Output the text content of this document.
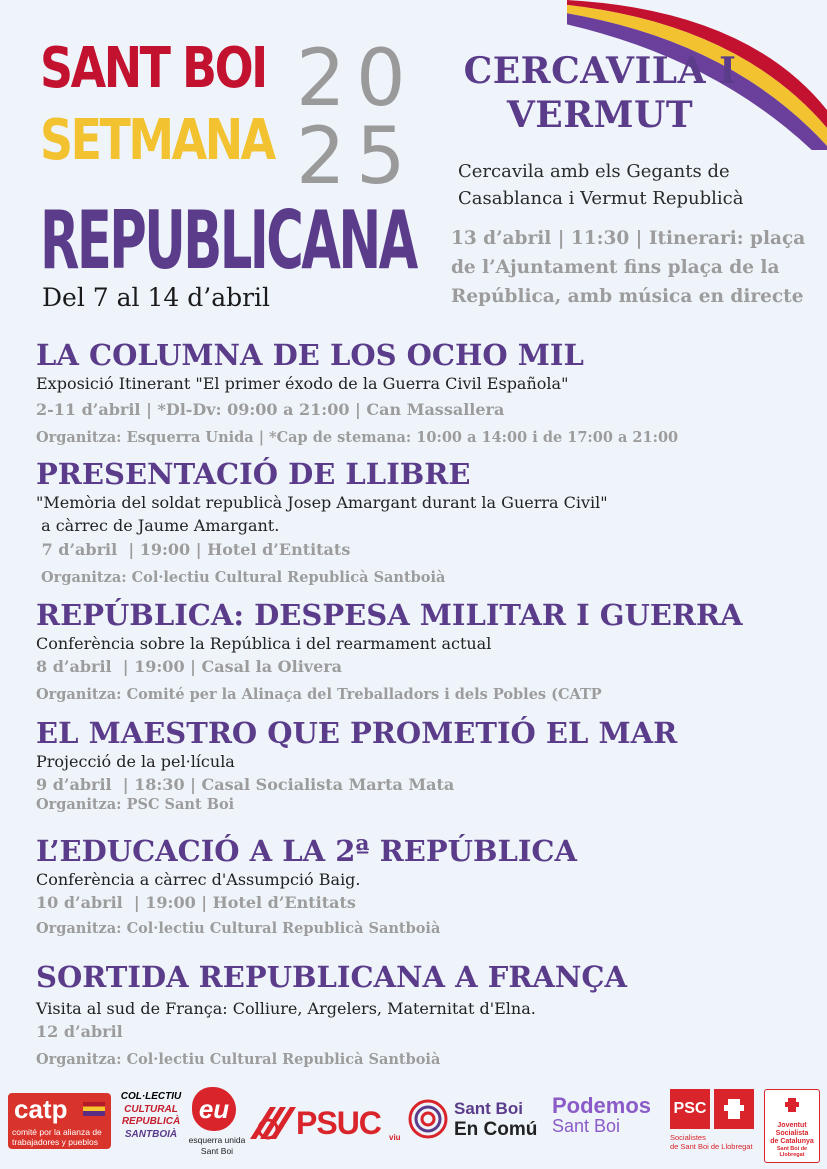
SANT BOI
SETMANA
REPUBLICANA
2 0
2 5
Del 7 al 14 d’abril
CERCAVILA I VERMUT
Cercavila amb els Gegants de
Casablanca i Vermut Republicà
13 d’abril | 11:30 | Itinerari: plaça
de l’Ajuntament fins plaça de la
República, amb música en directe
LA COLUMNA DE LOS OCHO MIL
Exposició Itinerant "El primer éxodo de la Guerra Civil Española"
2-11 d’abril | *Dl-Dv: 09:00 a 21:00 | Can Massallera
Organitza: Esquerra Unida | *Cap de stemana: 10:00 a 14:00 i de 17:00 a 21:00
PRESENTACIÓ DE LLIBRE
"Memòria del soldat republicà Josep Amargant durant la Guerra Civil"
a càrrec de Jaume Amargant.
7 d’abril  | 19:00 | Hotel d’Entitats
Organitza: Col·lectiu Cultural Republicà Santboià
REPÚBLICA: DESPESA MILITAR I GUERRA
Conferència sobre la República i del rearmament actual
8 d’abril  | 19:00 | Casal la Olivera
Organitza: Comité per la Alinaça del Treballadors i dels Pobles (CATP
EL MAESTRO QUE PROMETIÓ EL MAR
Projecció de la pel·lícula
9 d’abril  | 18:30 | Casal Socialista Marta Mata
Organitza: PSC Sant Boi
L’EDUCACIÓ A LA 2ª REPÚBLICA
Conferència a càrrec d'Assumpció Baig.
10 d’abril  | 19:00 | Hotel d’Entitats
Organitza: Col·lectiu Cultural Republicà Santboià
SORTIDA REPUBLICANA A FRANÇA
Visita al sud de França: Colliure, Argelers, Maternitat d'Elna.
12 d’abril
Organitza: Col·lectiu Cultural Republicà Santboià
catp
comité por la alianza de trabajadores y pueblos
COL·LECTIU
CULTURAL
REPUBLICÀ
SANTBOIÀ
eu
esquerra unida
Sant Boi
PSUC viu
Sant Boi
En Comú
Podemos
Sant Boi
PSC
Socialistes
de Sant Boi de Llobregat
Joventut
Socialista
de Catalunya
Sant Boi de Llobregat
